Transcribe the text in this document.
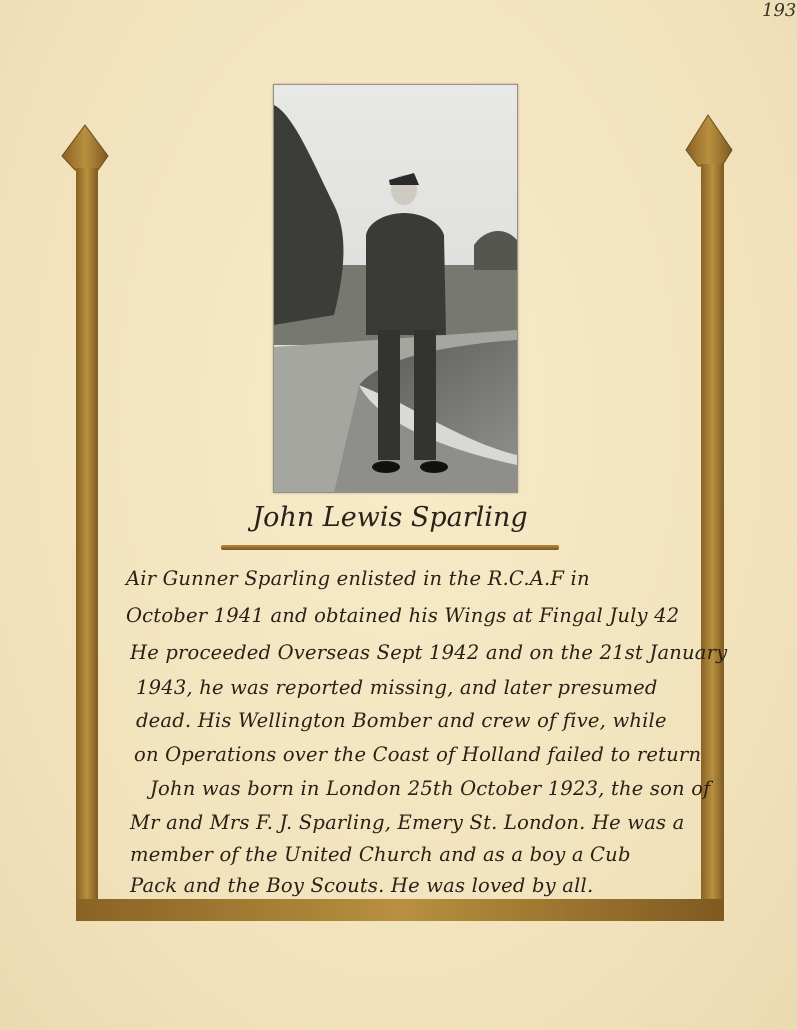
193
John Lewis Sparling
Air Gunner Sparling enlisted in the R.C.A.F in
October 1941 and obtained his Wings at Fingal July 42
He proceeded Overseas Sept 1942 and on the 21st January
1943, he was reported missing, and later presumed
dead. His Wellington Bomber and crew of five, while
on Operations over the Coast of Holland failed to return
John was born in London 25th October 1923, the son of
Mr and Mrs F. J. Sparling, Emery St. London. He was a
member of the United Church and as a boy a Cub
Pack and the Boy Scouts. He was loved by all.
